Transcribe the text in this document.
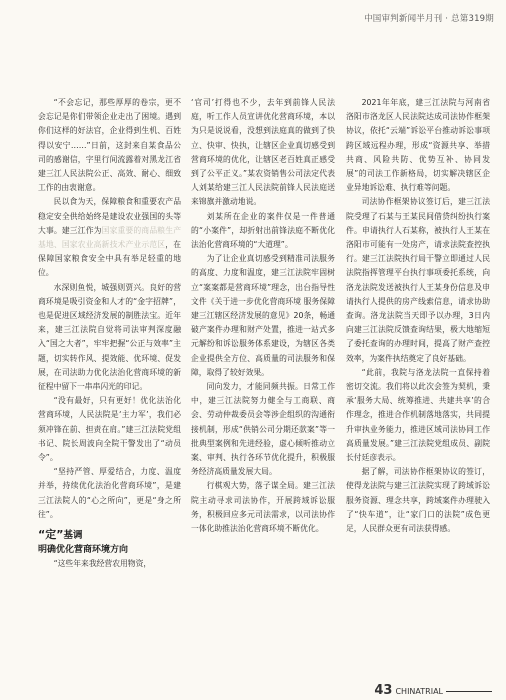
中国审判新闻半月刊 · 总第319期

“不会忘记，那些厚厚的卷宗，更不会忘记是你们带领企业走出了困境。遇到你们这样的好法官，企业得到生机、百姓得以安宁……”日前，这封来自某食品公司的感谢信，字里行间流露着对黑龙江省建三江人民法院公正、高效、耐心、细致工作的由衷谢意。

民以食为天，保障粮食和重要农产品稳定安全供给始终是建设农业强国的头等大事。建三江作为国家重要的商品粮生产基地、国家农业高新技术产业示范区，在保障国家粮食安全中具有举足轻重的地位。

水深则鱼悦，城强则贾兴。良好的营商环境是吸引资金和人才的“金字招牌”，也是促进区域经济发展的制胜法宝。近年来，建三江法院自觉将司法审判深度融入“国之大者”，牢牢把握“公正与效率”主题，切实转作风、提效能、优环境、促发展，在司法助力优化法治化营商环境的新征程中留下一串串闪光的印记。

“没有最好，只有更好！优化法治化营商环境，人民法院是‘主力军’，我们必须冲锋在前、担责在肩。”建三江法院党组书记、院长周波向全院干警发出了“动员令”。

“坚持严管、厚爱结合，力度、温度并举，持续优化法治化营商环境”，是建三江法院人的“心之所向”，更是“身之所往”。

“定”基调
明确优化营商环境方向

“这些年来我经营农用物资，

‘官司’打得也不少，去年到前锋人民法庭，听工作人员宣讲优化营商环境，本以为只是说说看，没想到法庭真的做到了快立、快审、快执，让辖区企业真切感受到营商环境的优化，让辖区老百姓真正感受到了公平正义。”某农资销售公司法定代表人刘某给建三江人民法院前锋人民法庭送来锦旗并激动地说。

刘某所在企业的案件仅是一件普通的“小案件”，却折射出前锋法庭不断优化法治化营商环境的“大道理”。

为了让企业真切感受到精准司法服务的高度、力度和温度，建三江法院牢固树立“案案都是营商环境”理念，出台指导性文件《关于进一步优化营商环境 服务保障建三江辖区经济发展的意见》20条，畅通破产案件办理和财产处置，推进一站式多元解纷和诉讼服务体系建设，为辖区各类企业提供全方位、高质量的司法服务和保障，取得了较好效果。

同向发力，才能同频共振。日常工作中，建三江法院努力健全与工商联、商会、劳动仲裁委员会等涉企组织的沟通衔接机制，形成“供销公司分期还款案”等一批典型案例和先进经验，虚心倾听推动立案、审判、执行各环节优化提升，积极服务经济高质量发展大局。

行棋观大势，落子谋全局。建三江法院主动寻求司法协作，开展跨域诉讼服务，积极回应多元司法需求，以司法协作一体化助推法治化营商环境不断优化。

2021年年底，建三江法院与河南省洛阳市洛龙区人民法院达成司法协作框架协议，依托“云端”诉讼平台推动诉讼事项跨区域远程办理，形成“资源共享、举措共商、风险共防、优势互补、协同发展”的司法工作新格局，切实解决辖区企业异地诉讼难、执行难等问题。

司法协作框架协议签订后，建三江法院受理了石某与王某民间借贷纠纷执行案件。申请执行人石某称，被执行人王某在洛阳市可能有一处房产，请求法院查控执行。建三江法院执行局干警立即通过人民法院指挥管理平台执行事项委托系统，向洛龙法院发送被执行人王某身份信息及申请执行人提供的房产线索信息，请求协助查询。洛龙法院当天即予以办理，3日内向建三江法院反馈查询结果，极大地缩短了委托查询的办理时间，提高了财产查控效率，为案件执结奠定了良好基础。

“此前，我院与洛龙法院一直保持着密切交流。我们将以此次会签为契机，秉承‘服务大局、统筹推进、共建共享’的合作理念，推进合作机制落地落实，共同提升审执业务能力，推进区域司法协同工作高质量发展。”建三江法院党组成员、副院长付廷彦表示。

据了解，司法协作框架协议的签订，使得龙法院与建三江法院实现了跨域诉讼服务资源、理念共享，跨域案件办理驶入了“快车道”，让“家门口的法院”成色更足，人民群众更有司法获得感。

43 CHINATRIAL
